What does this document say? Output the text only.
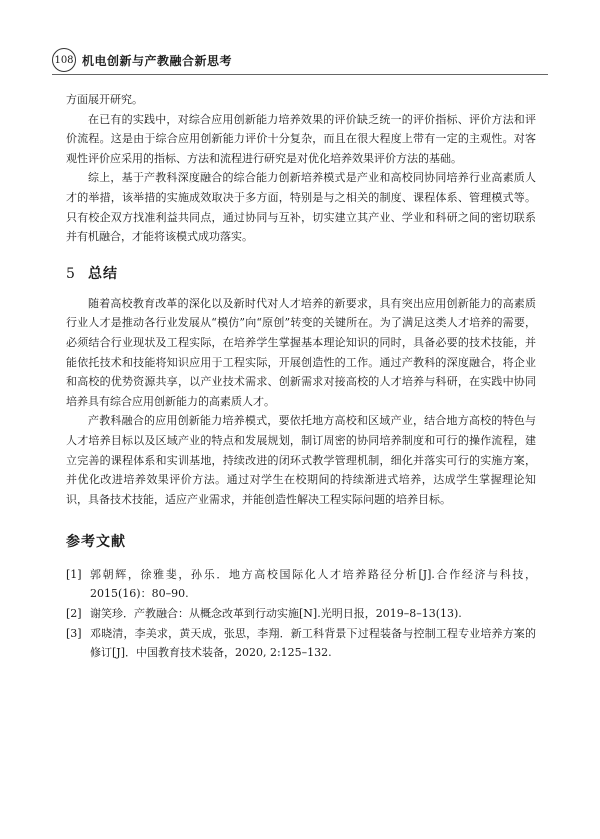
108 机电创新与产教融合新思考

方面展开研究。

在已有的实践中，对综合应用创新能力培养效果的评价缺乏统一的评价指标、评价方法和评价流程。这是由于综合应用创新能力评价十分复杂，而且在很大程度上带有一定的主观性。对客观性评价应采用的指标、方法和流程进行研究是对优化培养效果评价方法的基础。

综上，基于产教科深度融合的综合能力创新培养模式是产业和高校同协同培养行业高素质人才的举措，该举措的实施成效取决于多方面，特别是与之相关的制度、课程体系、管理模式等。只有校企双方找准利益共同点，通过协同与互补，切实建立其产业、学业和科研之间的密切联系并有机融合，才能将该模式成功落实。

5 总结

随着高校教育改革的深化以及新时代对人才培养的新要求，具有突出应用创新能力的高素质行业人才是推动各行业发展从“模仿”向“原创”转变的关键所在。为了满足这类人才培养的需要，必须结合行业现状及工程实际，在培养学生掌握基本理论知识的同时，具备必要的技术技能，并能依托技术和技能将知识应用于工程实际，开展创造性的工作。通过产教科的深度融合，将企业和高校的优势资源共享，以产业技术需求、创新需求对接高校的人才培养与科研，在实践中协同培养具有综合应用创新能力的高素质人才。

产教科融合的应用创新能力培养模式，要依托地方高校和区域产业，结合地方高校的特色与人才培养目标以及区域产业的特点和发展规划，制订周密的协同培养制度和可行的操作流程，建立完善的课程体系和实训基地，持续改进的闭环式教学管理机制，细化并落实可行的实施方案，并优化改进培养效果评价方法。通过对学生在校期间的持续渐进式培养，达成学生掌握理论知识，具备技术技能，适应产业需求，并能创造性解决工程实际问题的培养目标。

参考文献
[1] 郭朝辉，徐雅斐，孙乐．地方高校国际化人才培养路径分析[J].合作经济与科技，2015(16)：80–90.
[2] 谢笑珍．产教融合：从概念改革到行动实施[N].光明日报，2019–8–13(13).
[3] 邓晓清，李美求，黄天成，张思，李翔．新工科背景下过程装备与控制工程专业培养方案的修订[J]．中国教育技术装备，2020, 2:125–132.
